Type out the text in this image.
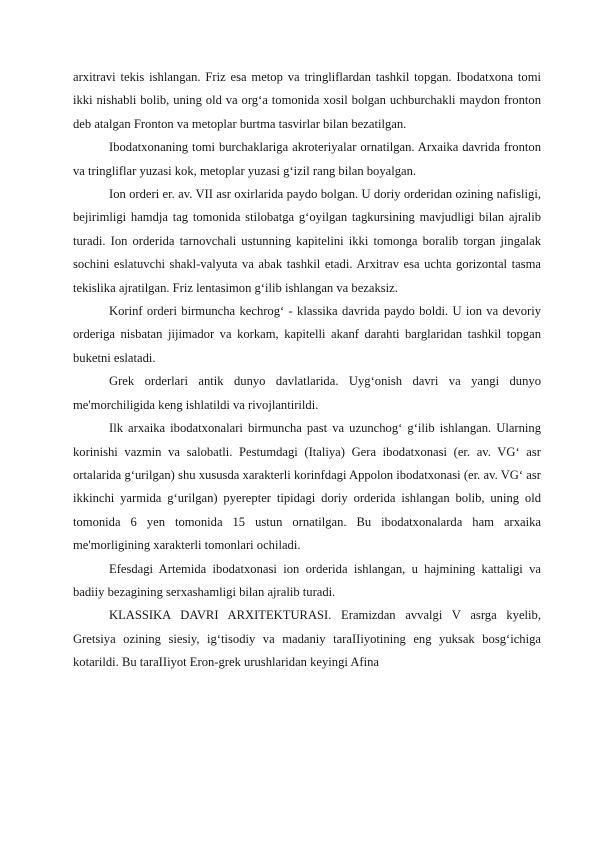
arxitravi tekis ishlangan. Friz esa metop va tringliflardan tashkil topgan. Ibodatxona tomi ikki nishabli bolib, uning old va org‘a tomonida xosil bolgan uchburchakli maydon fronton deb atalgan Fronton va metoplar burtma tasvirlar bilan bezatilgan.

Ibodatxonaning tomi burchaklariga akroteriyalar ornatilgan. Arxaika davrida fronton va tringliflar yuzasi kok, metoplar yuzasi g‘izil rang bilan boyalgan.

Ion orderi er. av. VII asr oxirlarida paydo bolgan. U doriy orderidan ozining nafisligi, bejirimligi hamdja tag tomonida stilobatga g‘oyilgan tagkursining mavjudligi bilan ajralib turadi. Ion orderida tarnovchali ustunning kapitelini ikki tomonga boralib torgan jingalak sochini eslatuvchi shakl-valyuta va abak tashkil etadi. Arxitrav esa uchta gorizontal tasma tekislika ajratilgan. Friz lentasimon g‘ilib ishlangan va bezaksiz.

Korinf orderi birmuncha kechrog‘ - klassika davrida paydo boldi. U ion va devoriy orderiga nisbatan jijimador va korkam, kapitelli akanf darahti barglaridan tashkil topgan buketni eslatadi.

Grek orderlari antik dunyo davlatlarida. Uyg‘onish davri va yangi dunyo me'morchiligida keng ishlatildi va rivojlantirildi.

Ilk arxaika ibodatxonalari birmuncha past va uzunchog‘ g‘ilib ishlangan. Ularning korinishi vazmin va salobatli. Pestumdagi (Italiya) Gera ibodatxonasi (er. av. VG‘ asr ortalarida g‘urilgan) shu xususda xarakterli korinfdagi Appolon ibodatxonasi (er. av. VG‘ asr ikkinchi yarmida g‘urilgan) pyerepter tipidagi doriy orderida ishlangan bolib, uning old tomonida 6 yen tomonida 15 ustun ornatilgan. Bu ibodatxonalarda ham arxaika me'morligining xarakterli tomonlari ochiladi.

Efesdagi Artemida ibodatxonasi ion orderida ishlangan, u hajmining kattaligi va badiiy bezagining serxashamligi bilan ajralib turadi.

KLASSIKA DAVRI ARXITEKTURASI. Eramizdan avvalgi V asrga kyelib, Gretsiya ozining siesiy, ig‘tisodiy va madaniy taraIIiyotining eng yuksak bosg‘ichiga kotarildi. Bu taraIIiyot Eron-grek urushlaridan keyingi Afina
